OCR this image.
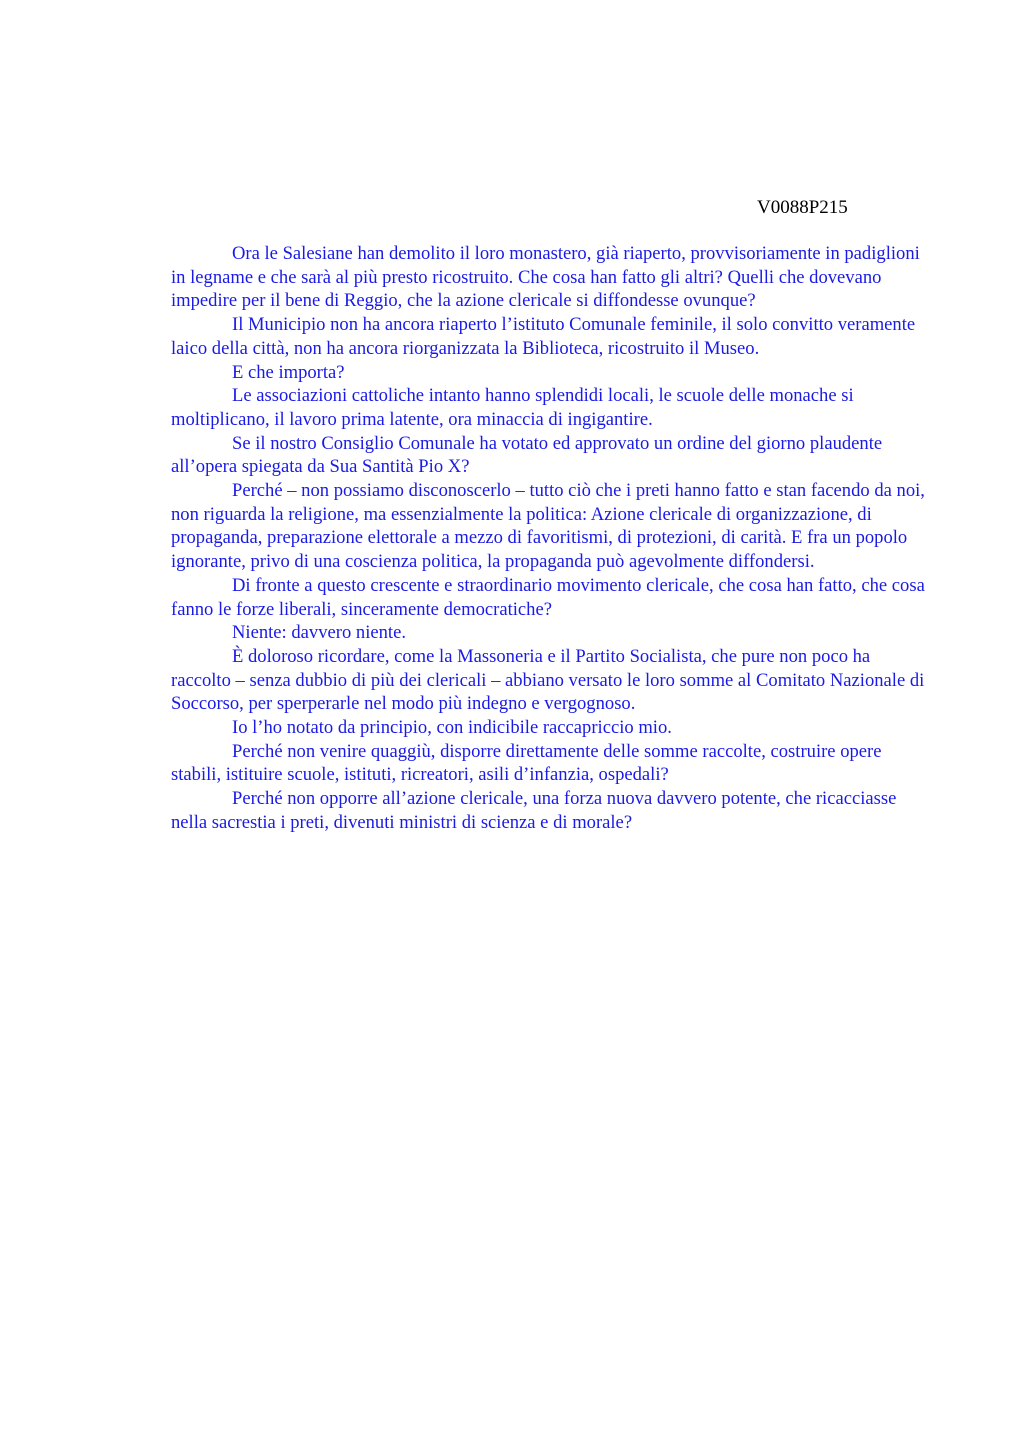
V0088P215

Ora le Salesiane han demolito il loro monastero, già riaperto, provvisoriamente in padiglioni in legname e che sarà al più presto ricostruito. Che cosa han fatto gli altri? Quelli che dovevano impedire per il bene di Reggio, che la azione clericale si diffondesse ovunque?

Il Municipio non ha ancora riaperto l’istituto Comunale feminile, il solo convitto veramente laico della città, non ha ancora riorganizzata la Biblioteca, ricostruito il Museo.

E che importa?

Le associazioni cattoliche intanto hanno splendidi locali, le scuole delle monache si moltiplicano, il lavoro prima latente, ora minaccia di ingigantire.

Se il nostro Consiglio Comunale ha votato ed approvato un ordine del giorno plaudente all’opera spiegata da Sua Santità Pio X?

Perché – non possiamo disconoscerlo – tutto ciò che i preti hanno fatto e stan facendo da noi, non riguarda la religione, ma essenzialmente la politica: Azione clericale di organizzazione, di propaganda, preparazione elettorale a mezzo di favoritismi, di protezioni, di carità. E fra un popolo ignorante, privo di una coscienza politica, la propaganda può agevolmente diffondersi.

Di fronte a questo crescente e straordinario movimento clericale, che cosa han fatto, che cosa fanno le forze liberali, sinceramente democratiche?

Niente: davvero niente.

È doloroso ricordare, come la Massoneria e il Partito Socialista, che pure non poco ha raccolto – senza dubbio di più dei clericali – abbiano versato le loro somme al Comitato Nazionale di Soccorso, per sperperarle nel modo più indegno e vergognoso.

Io l’ho notato da principio, con indicibile raccapriccio mio.

Perché non venire quaggiù, disporre direttamente delle somme raccolte, costruire opere stabili, istituire scuole, istituti, ricreatori, asili d’infanzia, ospedali?

Perché non opporre all’azione clericale, una forza nuova davvero potente, che ricacciasse nella sacrestia i preti, divenuti ministri di scienza e di morale?
